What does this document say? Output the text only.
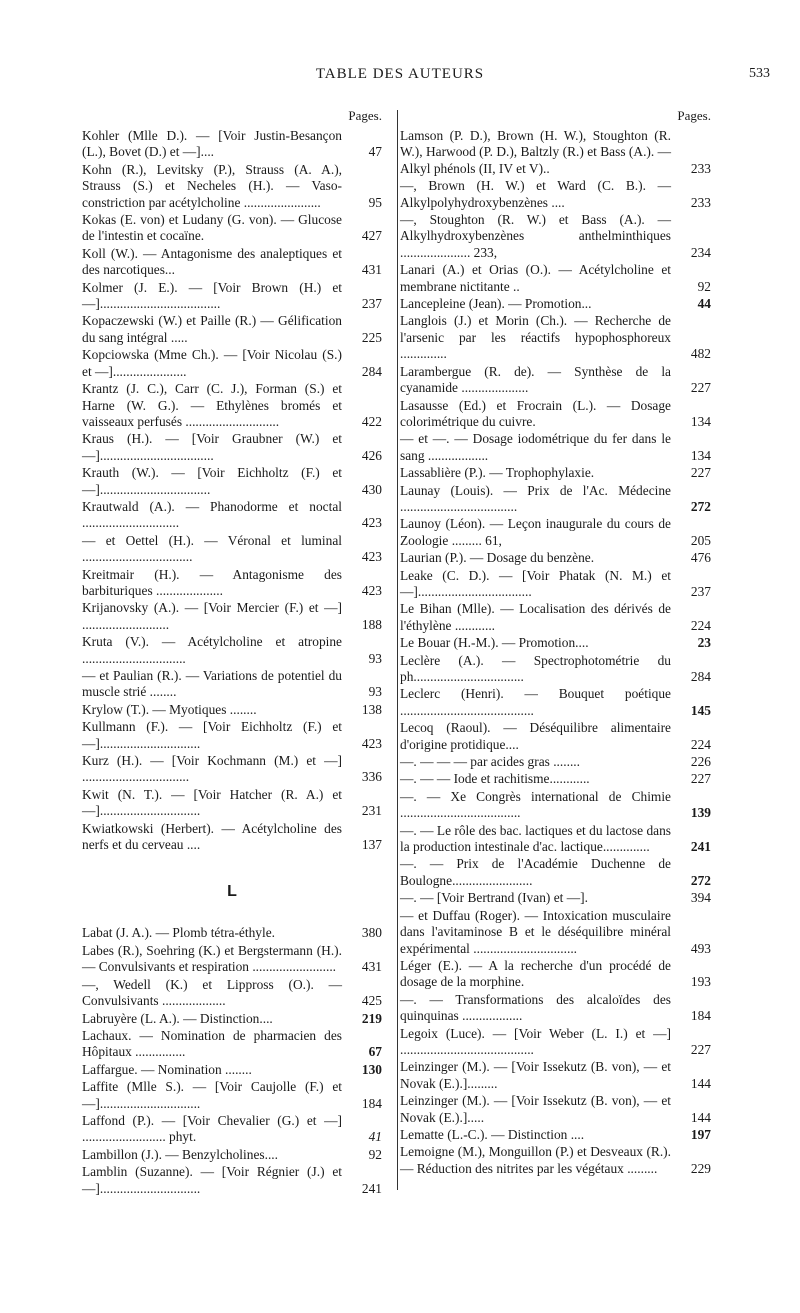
TABLE DES AUTEURS	533
Pages.
Kohler (Mlle D.). — [Voir Justin-Besançon (L.), Bovet (D.) et —]....	47
Kohn (R.), Levitsky (P.), Strauss (A. A.), Strauss (S.) et Necheles (H.). — Vaso-constriction par acétylcholine .......................	95
Kokas (E. von) et Ludany (G. von). — Glucose de l'intestin et cocaïne.	427
Koll (W.). — Antagonisme des analeptiques et des narcotiques...	431
Kolmer (J. E.). — [Voir Brown (H.) et —]....................................	237
Kopaczewski (W.) et Paille (R.) — Gélification du sang intégral .....	225
Kopciowska (Mme Ch.). — [Voir Nicolau (S.) et —]......................	284
Krantz (J. C.), Carr (C. J.), Forman (S.) et Harne (W. G.). — Ethylènes bromés et vaisseaux perfusés ............................	422
Kraus (H.). — [Voir Graubner (W.) et —]..................................	426
Krauth (W.). — [Voir Eichholtz (F.) et —].................................	430
Krautwald (A.). — Phanodorme et noctal .............................	423
— et Oettel (H.). — Véronal et luminal .................................	423
Kreitmair (H.). — Antagonisme des barbituriques ....................	423
Krijanovsky (A.). — [Voir Mercier (F.) et —] ..........................	188
Kruta (V.). — Acétylcholine et atropine ...............................	93
— et Paulian (R.). — Variations de potentiel du muscle strié ........	93
Krylow (T.). — Myotiques ........	138
Kullmann (F.). — [Voir Eichholtz (F.) et —]..............................	423
Kurz (H.). — [Voir Kochmann (M.) et —] ................................	336
Kwit (N. T.). — [Voir Hatcher (R. A.) et —]..............................	231
Kwiatkowski (Herbert). — Acétylcholine des nerfs et du cerveau ....	137
L
Labat (J. A.). — Plomb tétra-éthyle.	380
Labes (R.), Soehring (K.) et Bergstermann (H.). — Convulsivants et respiration .........................	431
—, Wedell (K.) et Lippross (O.). — Convulsivants ...................	425
Labruyère (L. A.). — Distinction....	219
Lachaux. — Nomination de pharmacien des Hôpitaux ...............	67
Laffargue. — Nomination ........	130
Laffite (Mlle S.). — [Voir Caujolle (F.) et —]..............................	184
Laffond (P.). — [Voir Chevalier (G.) et —] ......................... phyt.	41
Lambillon (J.). — Benzylcholines....	92
Lamblin (Suzanne). — [Voir Régnier (J.) et —]..............................	241
Pages.
Lamson (P. D.), Brown (H. W.), Stoughton (R. W.), Harwood (P. D.), Baltzly (R.) et Bass (A.). — Alkyl phénols (II, IV et V)..	233
—, Brown (H. W.) et Ward (C. B.). — Alkylpolyhydroxybenzènes ....	233
—, Stoughton (R. W.) et Bass (A.). — Alkylhydroxybenzènes anthelminthiques ..................... 233,	234
Lanari (A.) et Orias (O.). — Acétylcholine et membrane nictitante ..	92
Lancepleine (Jean). — Promotion...	44
Langlois (J.) et Morin (Ch.). — Recherche de l'arsenic par les réactifs hypophosphoreux ..............	482
Larambergue (R. de). — Synthèse de la cyanamide ....................	227
Lasausse (Ed.) et Frocrain (L.). — Dosage colorimétrique du cuivre.	134
— et —. — Dosage iodométrique du fer dans le sang ..................	134
Lassablière (P.). — Trophophylaxie.	227
Launay (Louis). — Prix de l'Ac. Médecine ...................................	272
Launoy (Léon). — Leçon inaugurale du cours de Zoologie ......... 61,	205
Laurian (P.). — Dosage du benzène.	476
Leake (C. D.). — [Voir Phatak (N. M.) et —]..................................	237
Le Bihan (Mlle). — Localisation des dérivés de l'éthylène ............	224
Le Bouar (H.-M.). — Promotion....	23
Leclère (A.). — Spectrophotométrie du ph.................................	284
Leclerc (Henri). — Bouquet poétique ........................................	145
Lecoq (Raoul). — Déséquilibre alimentaire d'origine protidique....	224
—. — — — par acides gras ........	226
—. — — Iode et rachitisme............	227
—. — Xe Congrès international de Chimie ....................................	139
—. — Le rôle des bac. lactiques et du lactose dans la production intestinale d'ac. lactique..............	241
—. — Prix de l'Académie Duchenne de Boulogne........................	272
—. — [Voir Bertrand (Ivan) et —].	394
— et Duffau (Roger). — Intoxication musculaire dans l'avitaminose B et le déséquilibre minéral expérimental ...............................	493
Léger (E.). — A la recherche d'un procédé de dosage de la morphine.	193
—. — Transformations des alcaloïdes des quinquinas ..................	184
Legoix (Luce). — [Voir Weber (L. I.) et —] ........................................	227
Leinzinger (M.). — [Voir Issekutz (B. von), — et Novak (E.).].........	144
Leinzinger (M.). — [Voir Issekutz (B. von), — et Novak (E.).].....	144
Lematte (L.-C.). — Distinction ....	197
Lemoigne (M.), Monguillon (P.) et Desveaux (R.). — Réduction des nitrites par les végétaux .........	229
